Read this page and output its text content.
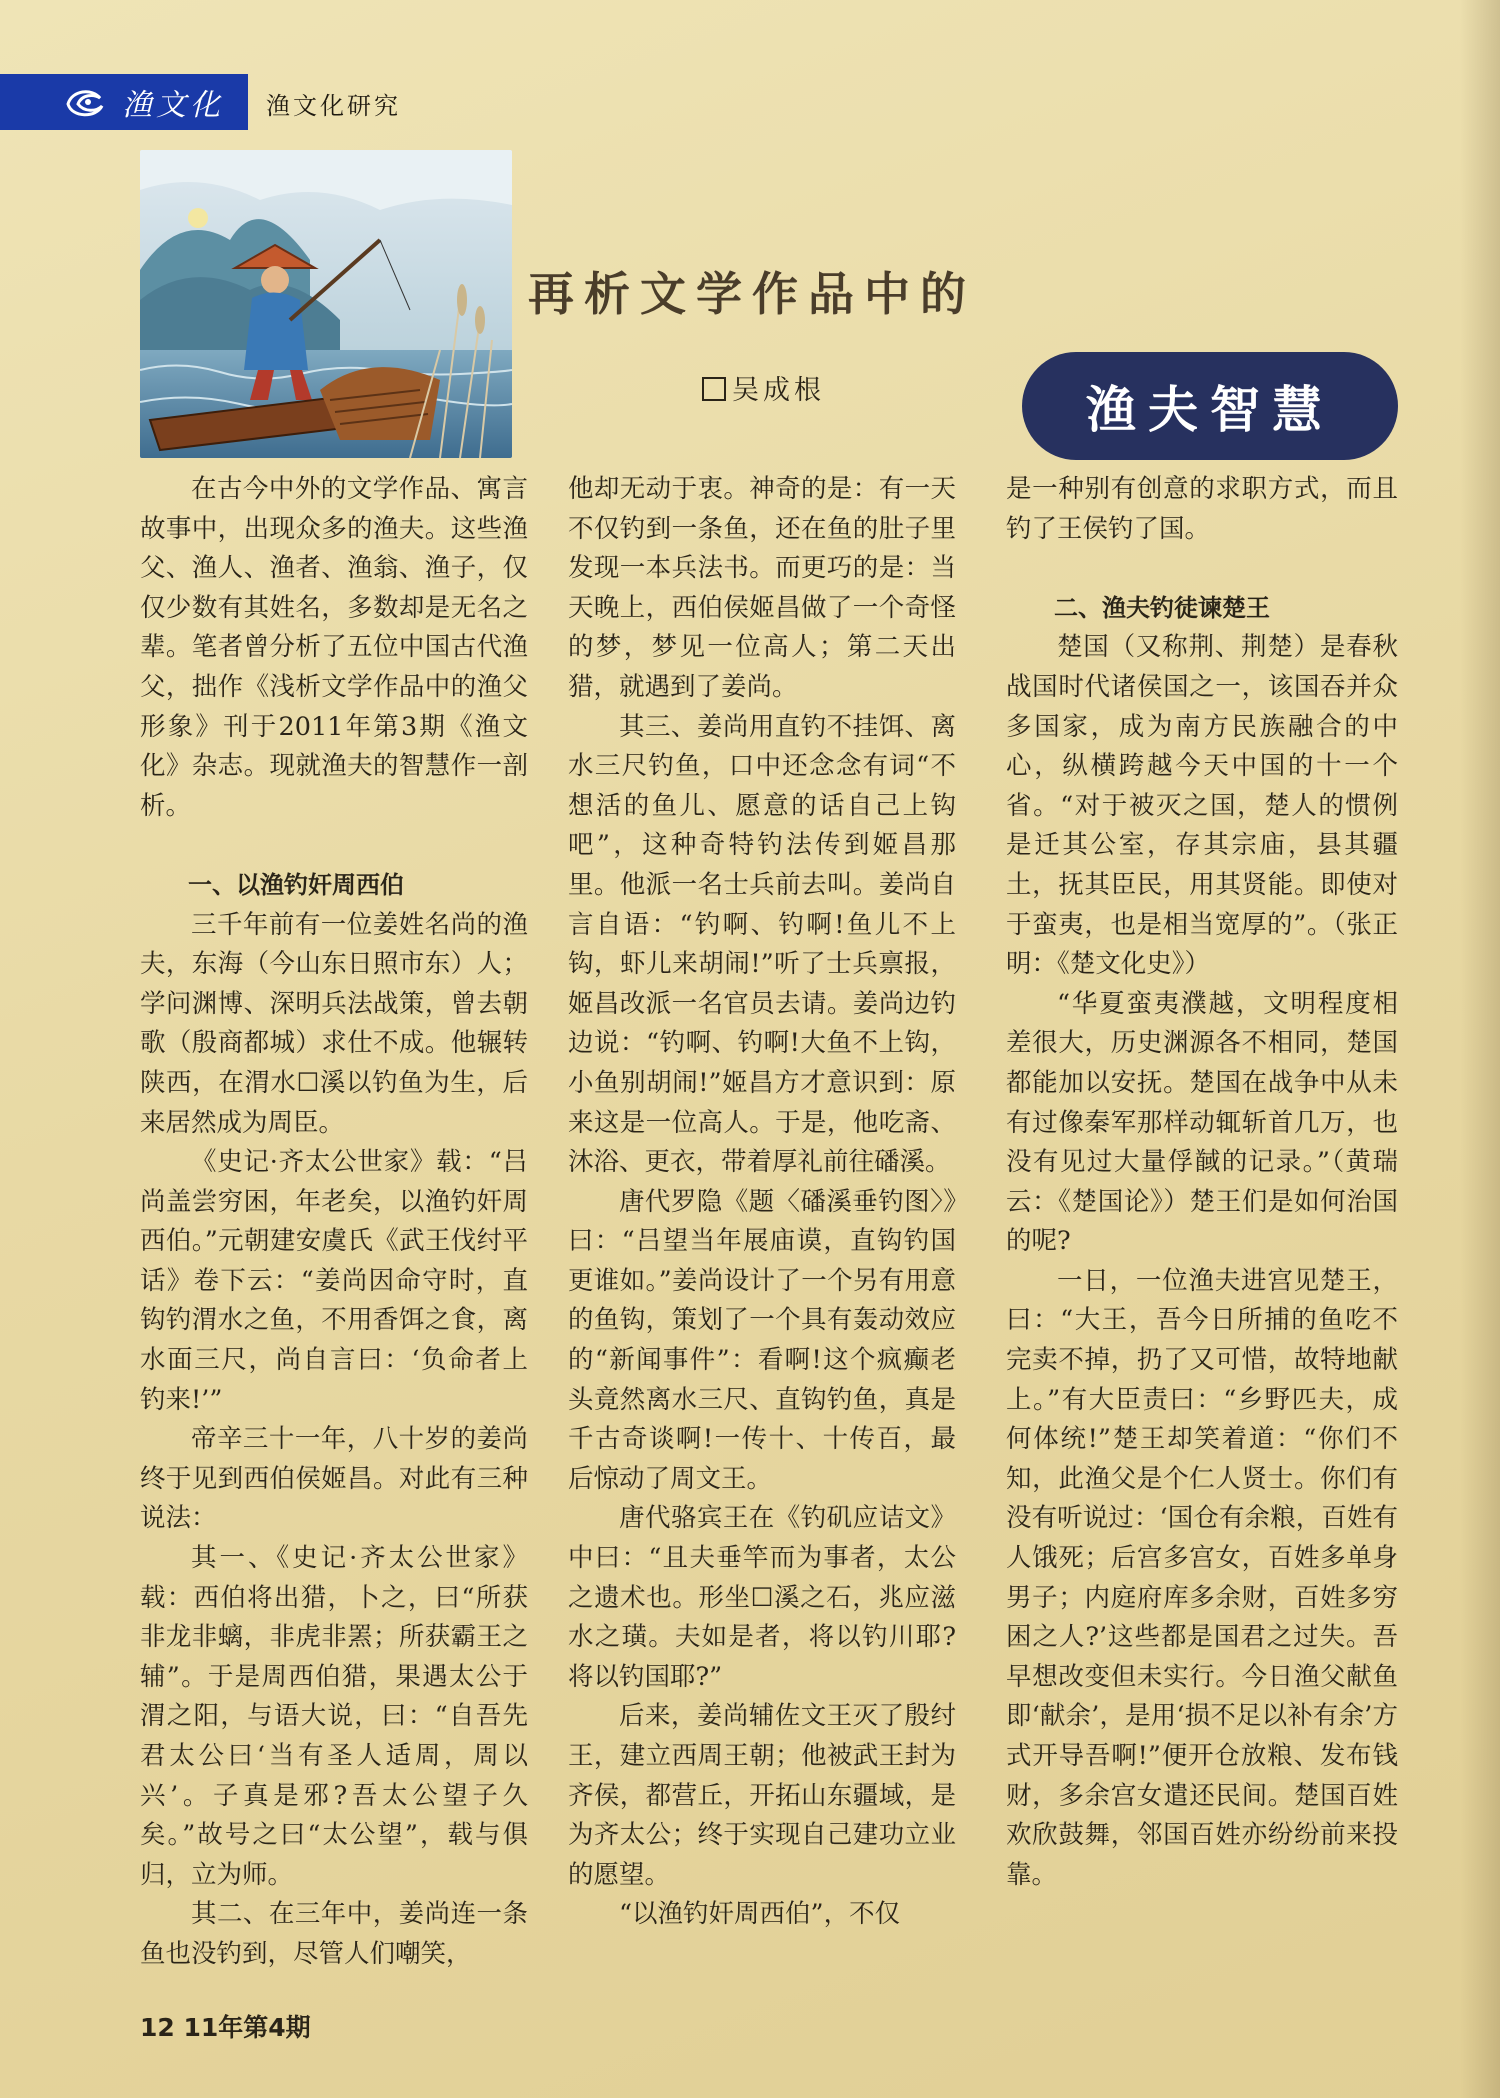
渔文化 渔文化研究
再析文学作品中的
渔夫智慧
吴成根

在古今中外的文学作品、寓言故事中，出现众多的渔夫。这些渔父、渔人、渔者、渔翁、渔子，仅仅少数有其姓名，多数却是无名之辈。笔者曾分析了五位中国古代渔父，拙作《浅析文学作品中的渔父形象》刊于2011年第3期《渔文化》杂志。现就渔夫的智慧作一剖析。

一、以渔钓奸周西伯

三千年前有一位姜姓名尚的渔夫，东海（今山东日照市东）人；学问渊博、深明兵法战策，曾去朝歌（殷商都城）求仕不成。他辗转陕西，在渭水☐溪以钓鱼为生，后来居然成为周臣。

《史记·齐太公世家》载：“吕尚盖尝穷困，年老矣，以渔钓奸周西伯。”元朝建安虞氏《武王伐纣平话》卷下云：“姜尚因命守时，直钩钓渭水之鱼，不用香饵之食，离水面三尺，尚自言曰：‘负命者上钓来!’”

帝辛三十一年，八十岁的姜尚终于见到西伯侯姬昌。对此有三种说法：

其一、《史记·齐太公世家》载：西伯将出猎，卜之，曰“所获非龙非螭，非虎非罴；所获霸王之辅”。于是周西伯猎，果遇太公于渭之阳，与语大说，曰：“自吾先君太公曰‘当有圣人适周，周以兴’。子真是邪?吾太公望子久矣。”故号之曰“太公望”，载与俱归，立为师。

其二、在三年中，姜尚连一条鱼也没钓到，尽管人们嘲笑，

他却无动于衷。神奇的是：有一天不仅钓到一条鱼，还在鱼的肚子里发现一本兵法书。而更巧的是：当天晚上，西伯侯姬昌做了一个奇怪的梦，梦见一位高人；第二天出猎，就遇到了姜尚。

其三、姜尚用直钓不挂饵、离水三尺钓鱼，口中还念念有词“不想活的鱼儿、愿意的话自己上钩吧”，这种奇特钓法传到姬昌那里。他派一名士兵前去叫。姜尚自言自语：“钓啊、钓啊!鱼儿不上钩，虾儿来胡闹!”听了士兵禀报，姬昌改派一名官员去请。姜尚边钓边说：“钓啊、钓啊!大鱼不上钩，小鱼别胡闹!”姬昌方才意识到：原来这是一位高人。于是，他吃斋、沐浴、更衣，带着厚礼前往磻溪。

唐代罗隐《题〈磻溪垂钓图〉》曰：“吕望当年展庙谟，直钩钓国更谁如。”姜尚设计了一个另有用意的鱼钩，策划了一个具有轰动效应的“新闻事件”：看啊!这个疯癫老头竟然离水三尺、直钩钓鱼，真是千古奇谈啊!一传十、十传百，最后惊动了周文王。

唐代骆宾王在《钓矶应诘文》中曰：“且夫垂竿而为事者，太公之遗术也。形坐☐溪之石，兆应滋水之璜。夫如是者，将以钓川耶?将以钓国耶?”

后来，姜尚辅佐文王灭了殷纣王，建立西周王朝；他被武王封为齐侯，都营丘，开拓山东疆域，是为齐太公；终于实现自己建功立业的愿望。

“以渔钓奸周西伯”，不仅

是一种别有创意的求职方式，而且钓了王侯钓了国。

二、渔夫钓徒谏楚王

楚国（又称荆、荆楚）是春秋战国时代诸侯国之一，该国吞并众多国家，成为南方民族融合的中心，纵横跨越今天中国的十一个省。“对于被灭之国，楚人的惯例是迁其公室，存其宗庙，县其疆土，抚其臣民，用其贤能。即使对于蛮夷，也是相当宽厚的”。（张正明：《楚文化史》）

“华夏蛮夷濮越，文明程度相差很大，历史渊源各不相同，楚国都能加以安抚。楚国在战争中从未有过像秦军那样动辄斩首几万，也没有见过大量俘馘的记录。”（黄瑞云：《楚国论》）楚王们是如何治国的呢?

一日，一位渔夫进宫见楚王，曰：“大王，吾今日所捕的鱼吃不完卖不掉，扔了又可惜，故特地献上。”有大臣责曰：“乡野匹夫，成何体统!”楚王却笑着道：“你们不知，此渔父是个仁人贤士。你们有没有听说过：‘国仓有余粮，百姓有人饿死；后宫多宫女，百姓多单身男子；内庭府库多余财，百姓多穷困之人?’这些都是国君之过失。吾早想改变但未实行。今日渔父献鱼即‘献余’，是用‘损不足以补有余’方式开导吾啊!”便开仓放粮、发布钱财，多余宫女遣还民间。楚国百姓欢欣鼓舞，邻国百姓亦纷纷前来投靠。

12 11年第4期
